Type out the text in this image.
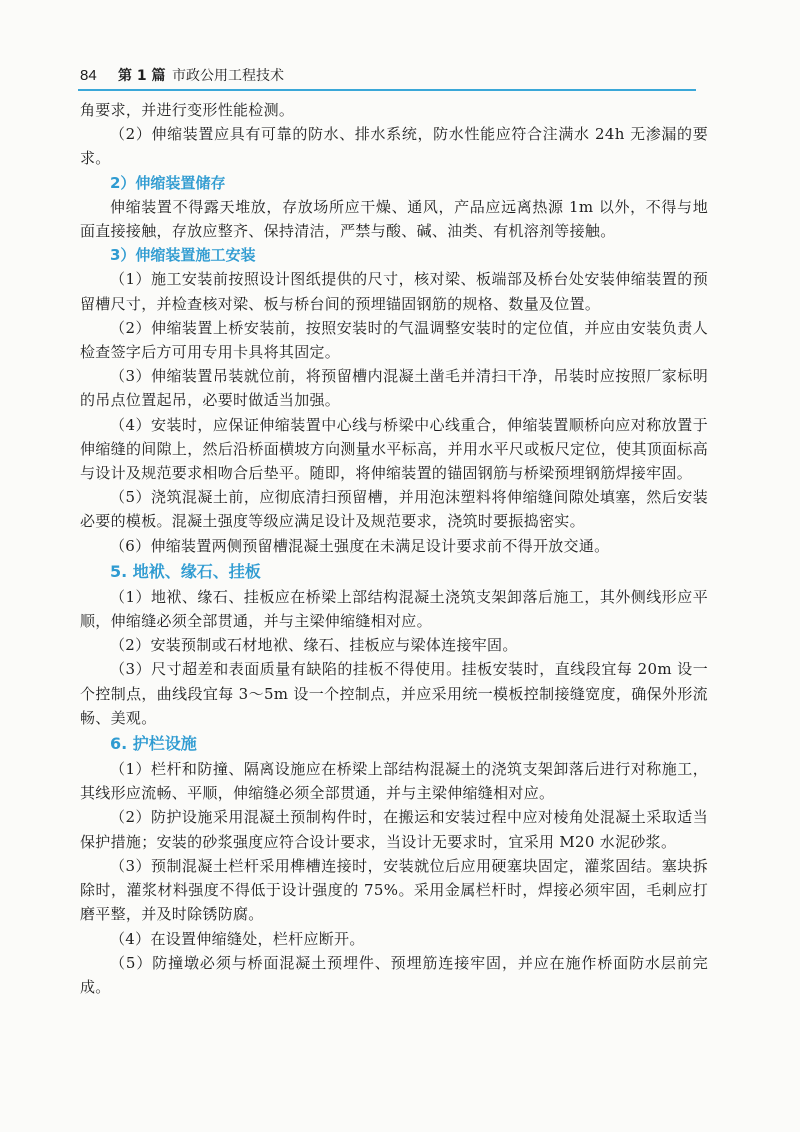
84 第 1 篇 市政公用工程技术

角要求，并进行变形性能检测。

（2）伸缩装置应具有可靠的防水、排水系统，防水性能应符合注满水 24h 无渗漏的要求。

2）伸缩装置储存

伸缩装置不得露天堆放，存放场所应干燥、通风，产品应远离热源 1m 以外，不得与地面直接接触，存放应整齐、保持清洁，严禁与酸、碱、油类、有机溶剂等接触。

3）伸缩装置施工安装

（1）施工安装前按照设计图纸提供的尺寸，核对梁、板端部及桥台处安装伸缩装置的预留槽尺寸，并检查核对梁、板与桥台间的预埋锚固钢筋的规格、数量及位置。

（2）伸缩装置上桥安装前，按照安装时的气温调整安装时的定位值，并应由安装负责人检查签字后方可用专用卡具将其固定。

（3）伸缩装置吊装就位前，将预留槽内混凝土凿毛并清扫干净，吊装时应按照厂家标明的吊点位置起吊，必要时做适当加强。

（4）安装时，应保证伸缩装置中心线与桥梁中心线重合，伸缩装置顺桥向应对称放置于伸缩缝的间隙上，然后沿桥面横坡方向测量水平标高，并用水平尺或板尺定位，使其顶面标高与设计及规范要求相吻合后垫平。随即，将伸缩装置的锚固钢筋与桥梁预埋钢筋焊接牢固。

（5）浇筑混凝土前，应彻底清扫预留槽，并用泡沫塑料将伸缩缝间隙处填塞，然后安装必要的模板。混凝土强度等级应满足设计及规范要求，浇筑时要振捣密实。

（6）伸缩装置两侧预留槽混凝土强度在未满足设计要求前不得开放交通。

5. 地袱、缘石、挂板

（1）地袱、缘石、挂板应在桥梁上部结构混凝土浇筑支架卸落后施工，其外侧线形应平顺，伸缩缝必须全部贯通，并与主梁伸缩缝相对应。

（2）安装预制或石材地袱、缘石、挂板应与梁体连接牢固。

（3）尺寸超差和表面质量有缺陷的挂板不得使用。挂板安装时，直线段宜每 20m 设一个控制点，曲线段宜每 3～5m 设一个控制点，并应采用统一模板控制接缝宽度，确保外形流畅、美观。

6. 护栏设施

（1）栏杆和防撞、隔离设施应在桥梁上部结构混凝土的浇筑支架卸落后进行对称施工，其线形应流畅、平顺，伸缩缝必须全部贯通，并与主梁伸缩缝相对应。

（2）防护设施采用混凝土预制构件时，在搬运和安装过程中应对棱角处混凝土采取适当保护措施；安装的砂浆强度应符合设计要求，当设计无要求时，宜采用 M20 水泥砂浆。

（3）预制混凝土栏杆采用榫槽连接时，安装就位后应用硬塞块固定，灌浆固结。塞块拆除时，灌浆材料强度不得低于设计强度的 75%。采用金属栏杆时，焊接必须牢固，毛刺应打磨平整，并及时除锈防腐。

（4）在设置伸缩缝处，栏杆应断开。

（5）防撞墩必须与桥面混凝土预埋件、预埋筋连接牢固，并应在施作桥面防水层前完成。
